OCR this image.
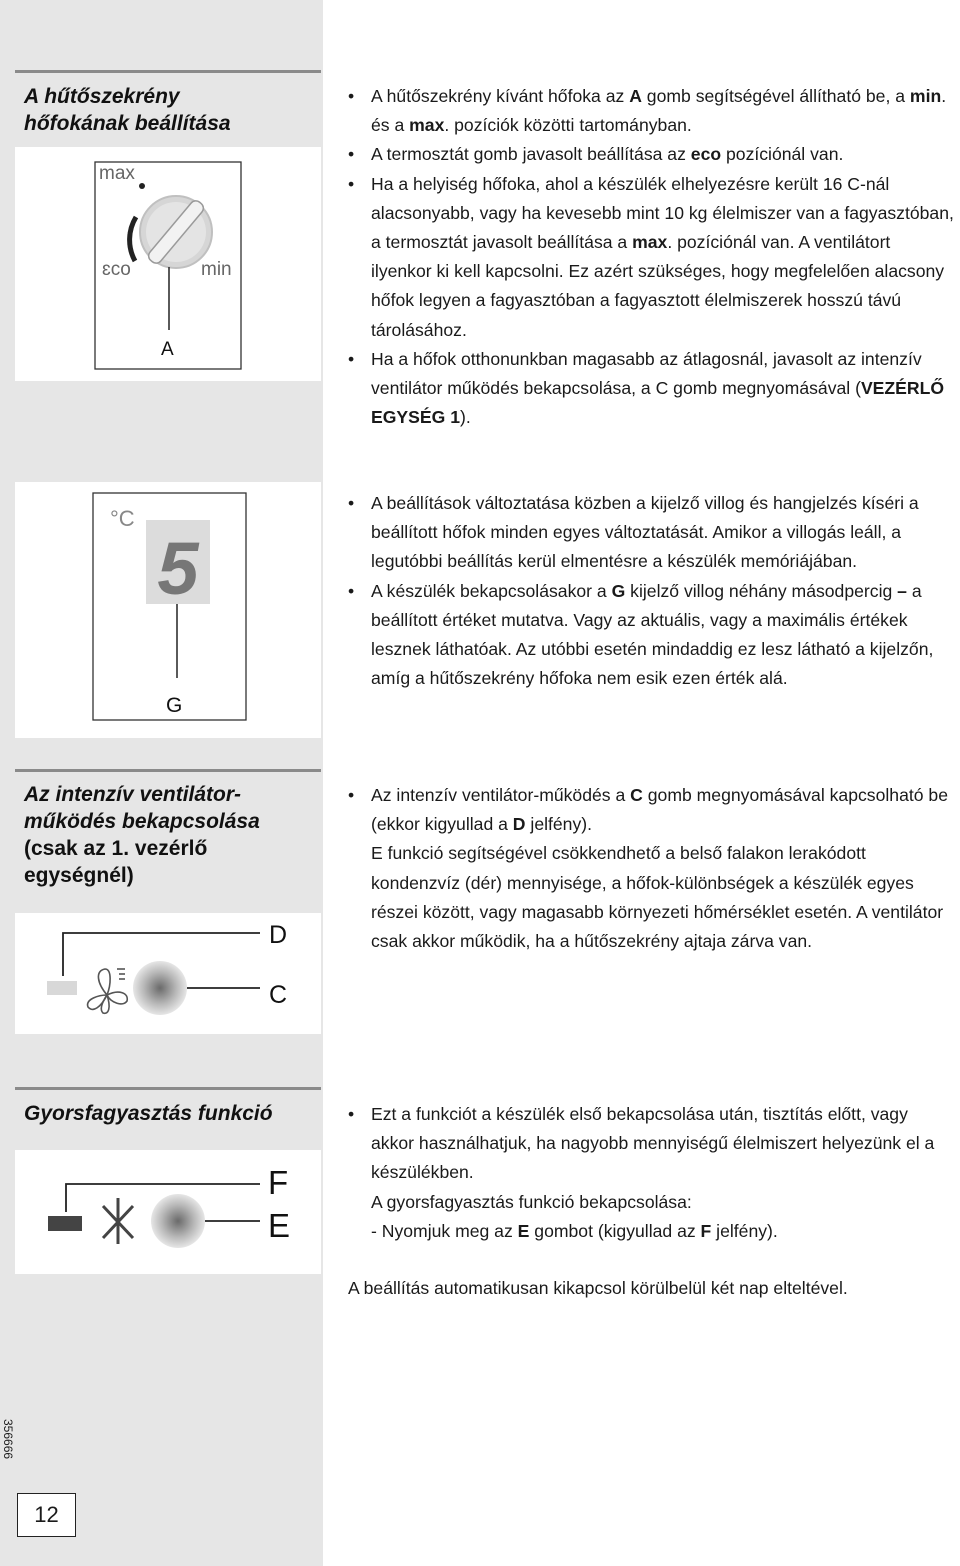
A hűtőszekrény
hőfokának beállítása
max
ɛco	min
A
• A hűtőszekrény kívánt hőfoka az A gomb segítségével állítható be, a min. és a max. pozíciók közötti tartományban.
• A termosztát gomb javasolt beállítása az eco pozíciónál van.
• Ha a helyiség hőfoka, ahol a készülék elhelyezésre került 16 C-nál alacsonyabb, vagy ha kevesebb mint 10 kg élelmiszer van a fagyasztóban, a termosztát javasolt beállítása a max. pozíciónál van. A ventilátort ilyenkor ki kell kapcsolni. Ez azért szükséges, hogy megfelelően alacsony hőfok legyen a fagyasztóban a fagyasztott élelmiszerek hosszú távú tárolásához.
• Ha a hőfok otthonunkban magasabb az átlagosnál, javasolt az intenzív ventilátor működés bekapcsolása, a C gomb megnyomásával (VEZÉRLŐ EGYSÉG 1).
°C
5
G
• A beállítások változtatása közben a kijelző villog és hangjelzés kíséri a beállított hőfok minden egyes változtatását. Amikor a villogás leáll, a legutóbbi beállítás kerül elmentésre a készülék memóriájában.
• A készülék bekapcsolásakor a G kijelző villog néhány másodpercig – a beállított értéket mutatva. Vagy az aktuális, vagy a maximális értékek lesznek láthatóak. Az utóbbi esetén mindaddig ez lesz látható a kijelzőn, amíg a hűtőszekrény hőfoka nem esik ezen érték alá.
Az intenzív ventilátor-
működés bekapcsolása
(csak az 1. vezérlő
egységnél)
D
C
• Az intenzív ventilátor-működés a C gomb megnyomásával kapcsolható be (ekkor kigyullad a D jelfény).
E funkció segítségével csökkendhető a belső falakon lerakódott kondenzvíz (dér) mennyisége, a hőfok-különbségek a készülék egyes részei között, vagy magasabb környezeti hőmérséklet esetén. A ventilátor csak akkor működik, ha a hűtőszekrény ajtaja zárva van.
Gyorsfagyasztás funkció
F
E
• Ezt a funkciót a készülék első bekapcsolása után, tisztítás előtt, vagy akkor használhatjuk, ha nagyobb mennyiségű élelmiszert helyezünk el a készülékben.
A gyorsfagyasztás funkció bekapcsolása:
- Nyomjuk meg az E gombot (kigyullad az F jelfény).

A beállítás automatikusan kikapcsol körülbelül két nap elteltével.

356666
12
